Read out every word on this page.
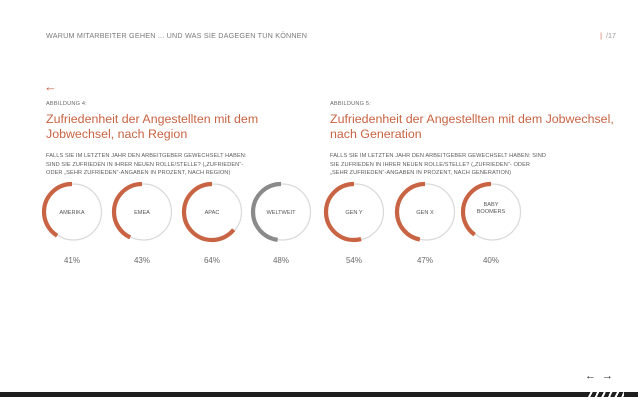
WARUM MITARBEITER GEHEN ... UND WAS SIE DAGEGEN TUN KÖNNEN	| /17
←
ABBILDUNG 4:
Zufriedenheit der Angestellten mit dem
Jobwechsel, nach Region
FALLS SIE IM LETZTEN JAHR DEN ARBEITGEBER GEWECHSELT HABEN:
SIND SIE ZUFRIEDEN IN IHRER NEUEN ROLLE/STELLE? („ZUFRIEDEN“-
ODER „SEHR ZUFRIEDEN“-ANGABEN IN PROZENT, NACH REGION)
ABBILDUNG 5:
Zufriedenheit der Angestellten mit dem Jobwechsel,
nach Generation
FALLS SIE IM LETZTEN JAHR DEN ARBEITGEBER GEWECHSELT HABEN: SIND
SIE ZUFRIEDEN IN IHRER NEUEN ROLLE/STELLE? („ZUFRIEDEN“- ODER
„SEHR ZUFRIEDEN“-ANGABEN IN PROZENT, NACH GENERATION)
AMERIKA
41%
EMEA
43%
APAC
64%
WELTWEIT
48%
GEN Y
54%
GEN X
47%
BABY
BOOMERS
40%
← →
